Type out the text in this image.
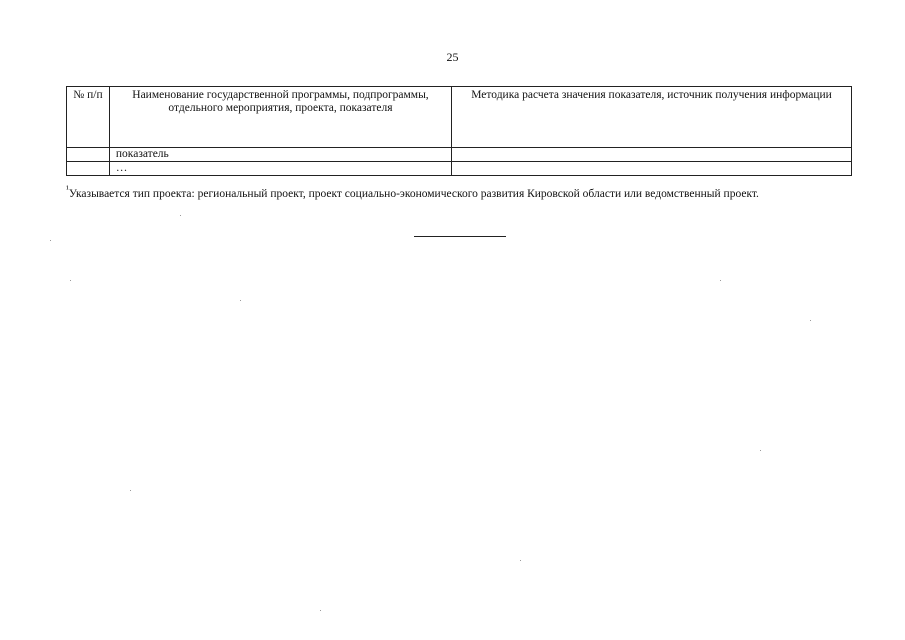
25
№ п/п	Наименование государственной программы, подпрограммы, отдельного мероприятия, проекта, показателя	Методика расчета значения показателя, источник получения информации
	показатель	
	…	
$^{^1}$Указывается тип проекта: региональный проект, проект социально-экономического развития Кировской области или ведомственный проект.
